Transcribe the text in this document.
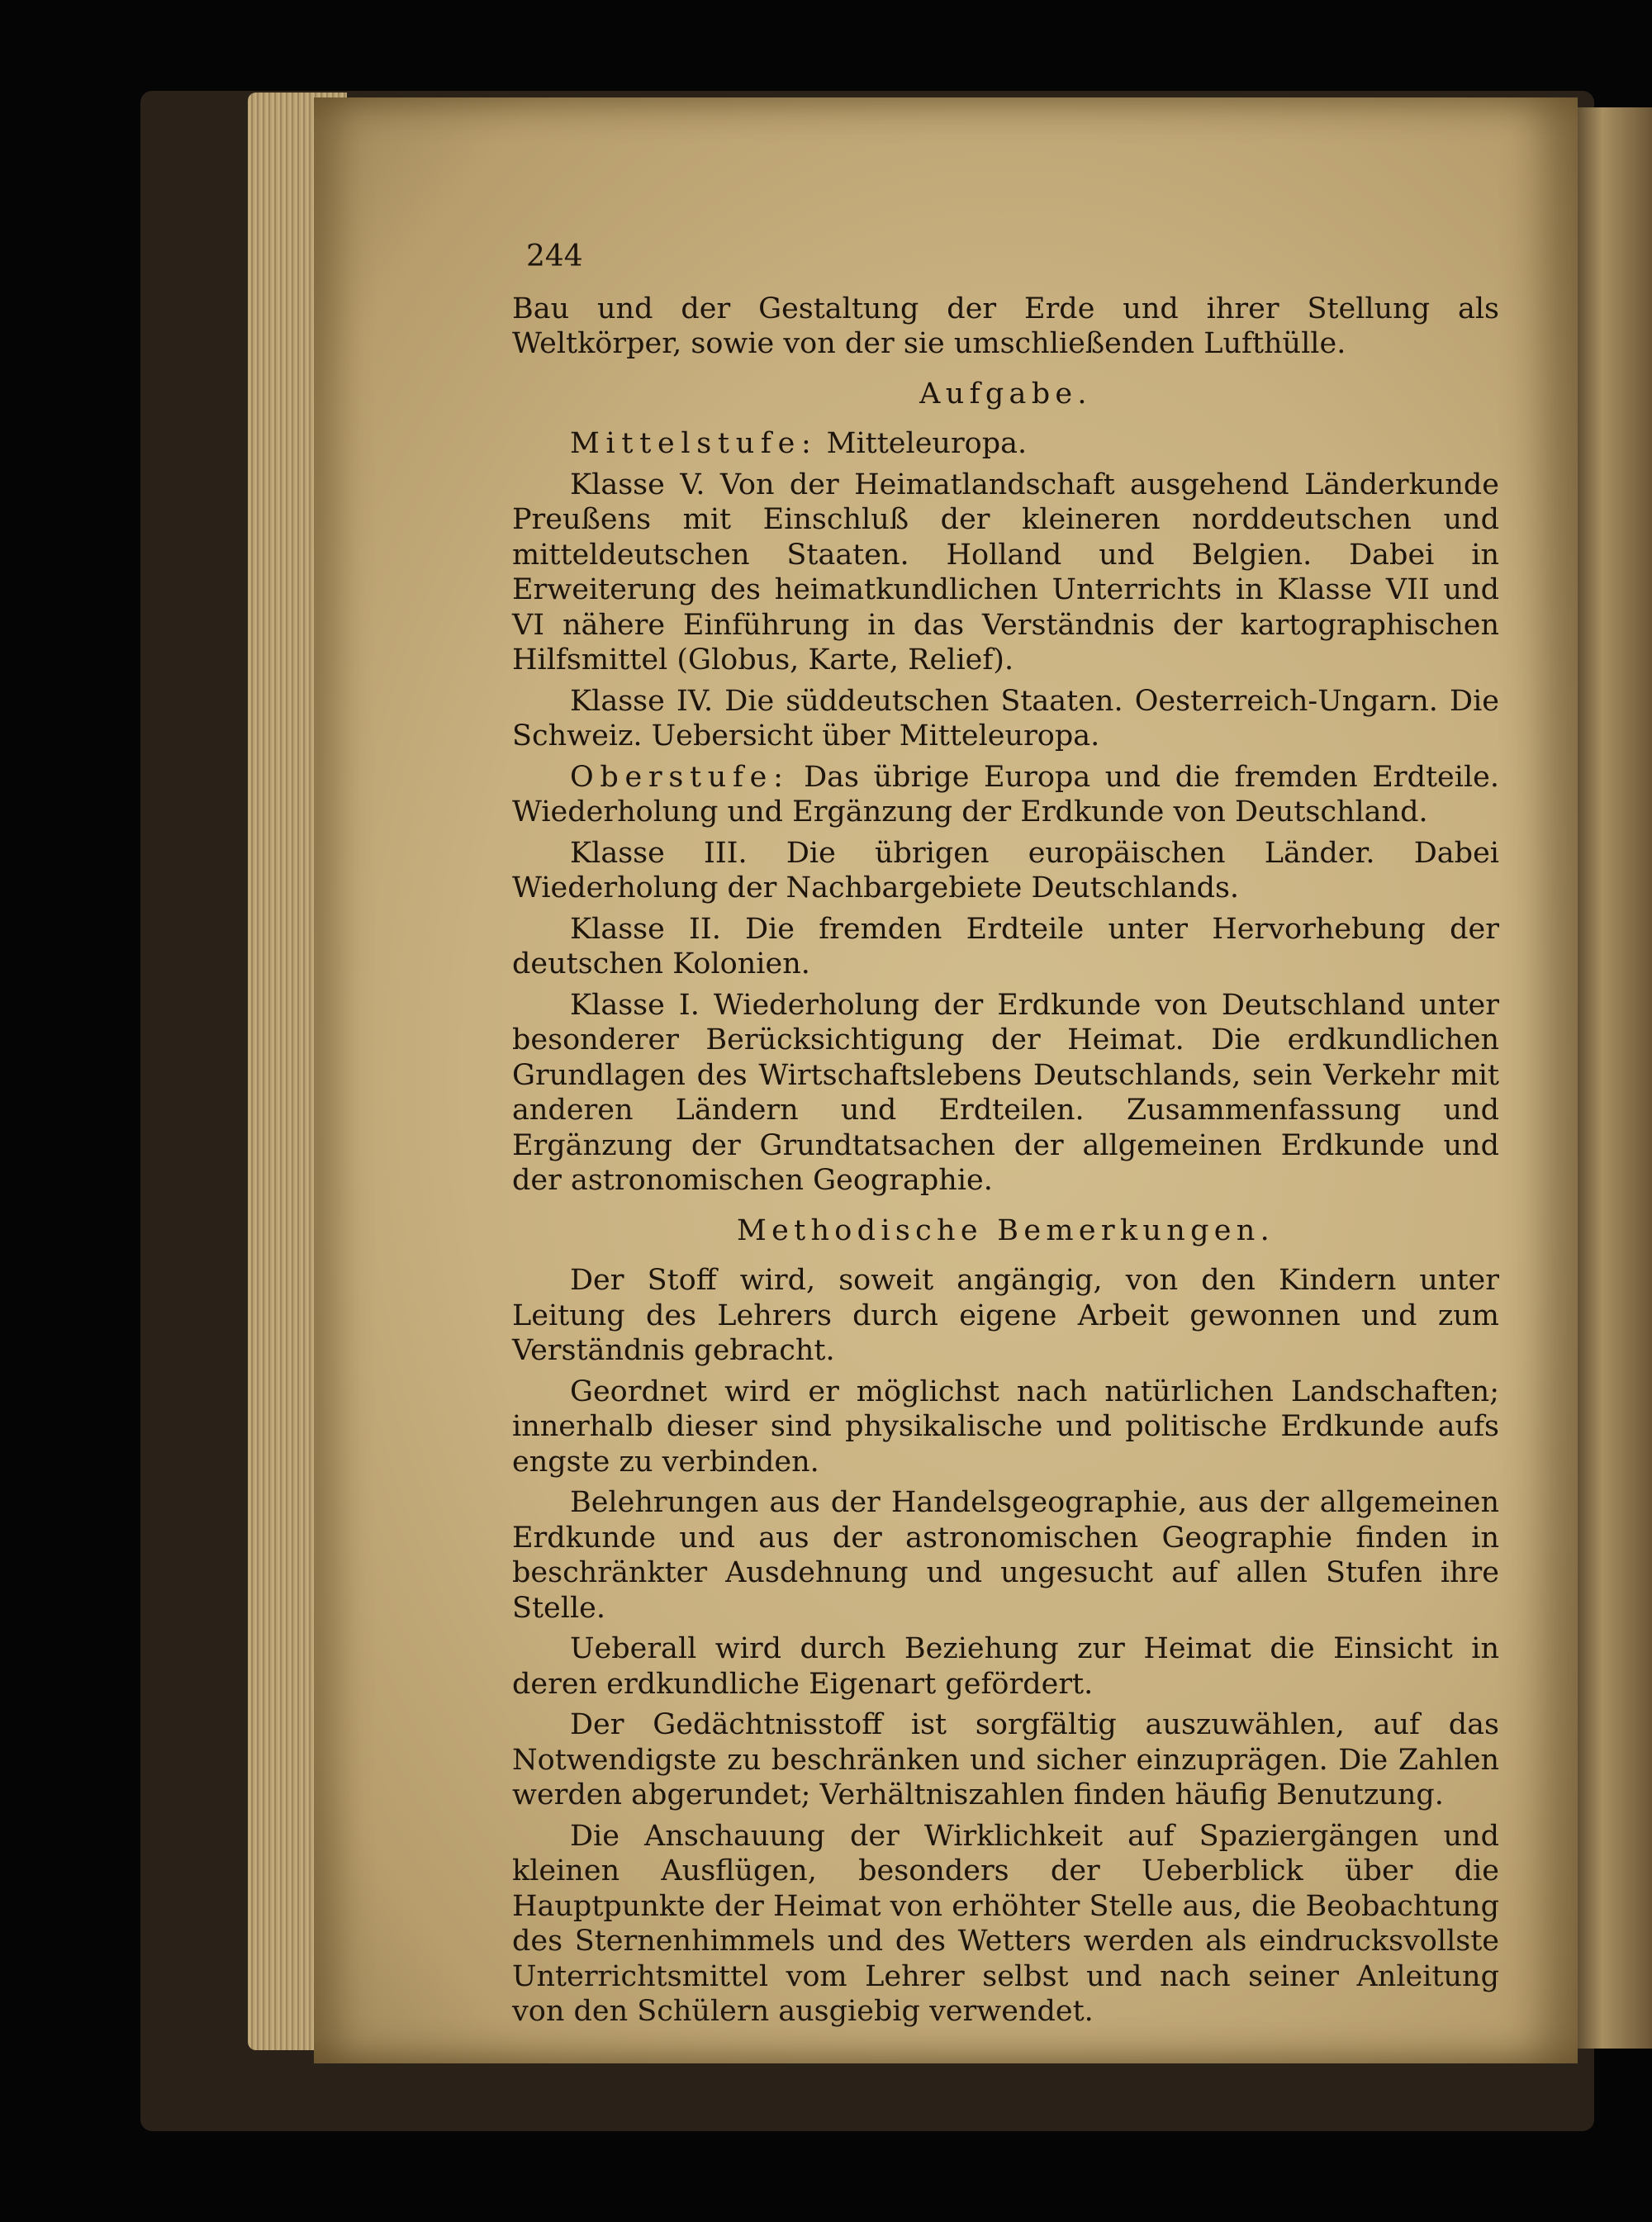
244

Bau und der Gestaltung der Erde und ihrer Stellung als Weltkörper, sowie von der sie umschließenden Lufthülle.

Aufgabe.

Mittelstufe: Mitteleuropa.

Klasse V. Von der Heimatlandschaft ausgehend Länderkunde Preußens mit Einschluß der kleineren norddeutschen und mitteldeutschen Staaten. Holland und Belgien. Dabei in Erweiterung des heimatkundlichen Unterrichts in Klasse VII und VI nähere Einführung in das Verständnis der kartographischen Hilfsmittel (Globus, Karte, Relief).

Klasse IV. Die süddeutschen Staaten. Oesterreich-Ungarn. Die Schweiz. Uebersicht über Mitteleuropa.

Oberstufe: Das übrige Europa und die fremden Erdteile. Wiederholung und Ergänzung der Erdkunde von Deutschland.

Klasse III. Die übrigen europäischen Länder. Dabei Wiederholung der Nachbargebiete Deutschlands.

Klasse II. Die fremden Erdteile unter Hervorhebung der deutschen Kolonien.

Klasse I. Wiederholung der Erdkunde von Deutschland unter besonderer Berücksichtigung der Heimat. Die erdkundlichen Grundlagen des Wirtschaftslebens Deutschlands, sein Verkehr mit anderen Ländern und Erdteilen. Zusammenfassung und Ergänzung der Grundtatsachen der allgemeinen Erdkunde und der astronomischen Geographie.

Methodische Bemerkungen.

Der Stoff wird, soweit angängig, von den Kindern unter Leitung des Lehrers durch eigene Arbeit gewonnen und zum Verständnis gebracht.

Geordnet wird er möglichst nach natürlichen Landschaften; innerhalb dieser sind physikalische und politische Erdkunde aufs engste zu verbinden.

Belehrungen aus der Handelsgeographie, aus der allgemeinen Erdkunde und aus der astronomischen Geographie finden in beschränkter Ausdehnung und ungesucht auf allen Stufen ihre Stelle.

Ueberall wird durch Beziehung zur Heimat die Einsicht in deren erdkundliche Eigenart gefördert.

Der Gedächtnisstoff ist sorgfältig auszuwählen, auf das Notwendigste zu beschränken und sicher einzuprägen. Die Zahlen werden abgerundet; Verhältniszahlen finden häufig Benutzung.

Die Anschauung der Wirklichkeit auf Spaziergängen und kleinen Ausflügen, besonders der Ueberblick über die Hauptpunkte der Heimat von erhöhter Stelle aus, die Beobachtung des Sternenhimmels und des Wetters werden als eindrucksvollste Unterrichtsmittel vom Lehrer selbst und nach seiner Anleitung von den Schülern ausgiebig verwendet.
